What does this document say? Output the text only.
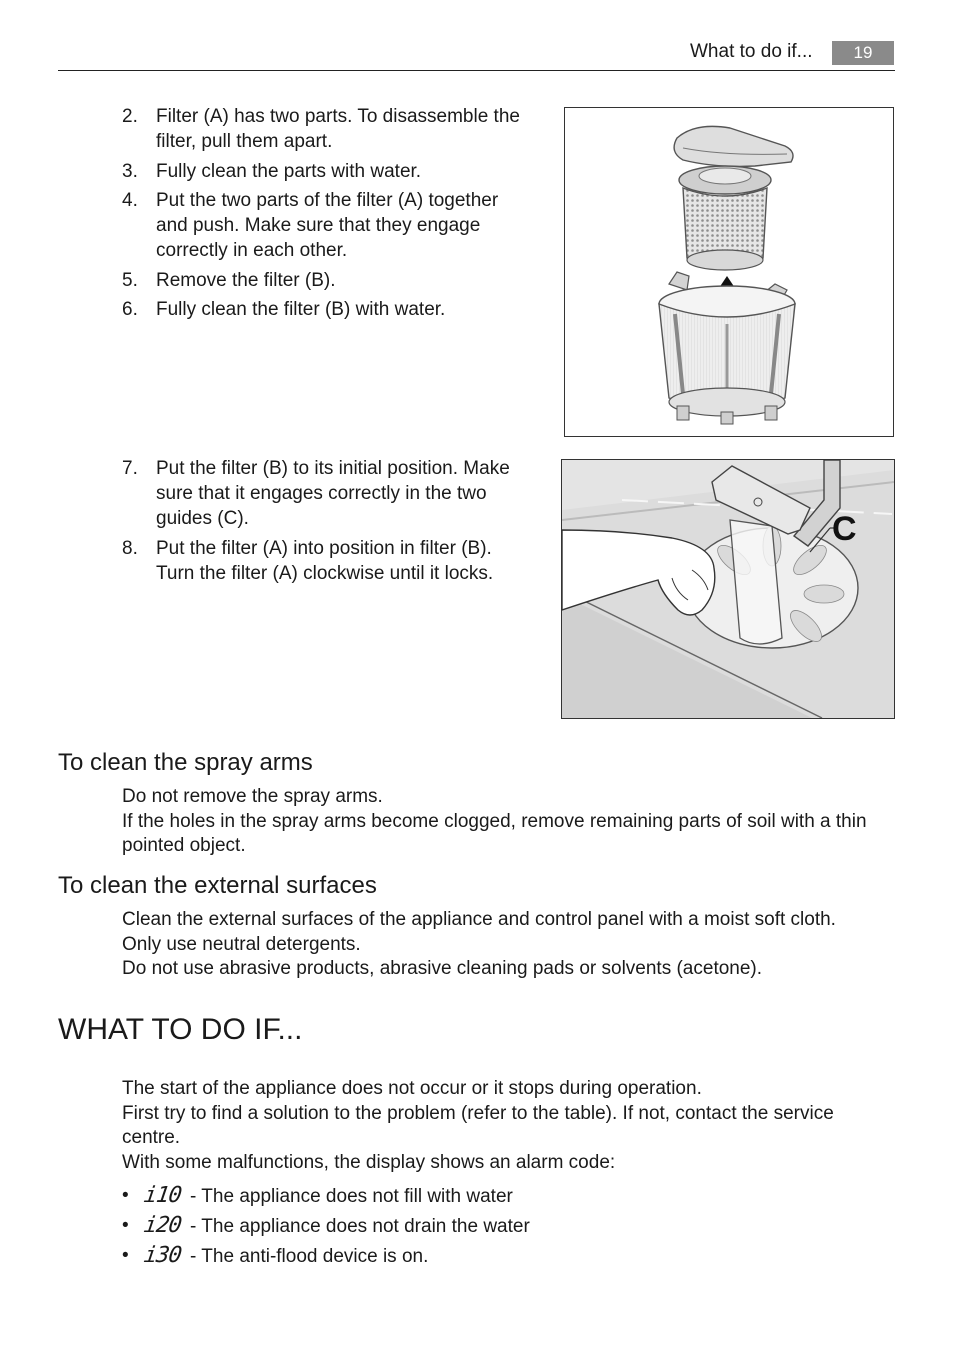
What to do if...	19
2. Filter (A) has two parts. To disassemble the filter, pull them apart.
3. Fully clean the parts with water.
4. Put the two parts of the filter (A) together and push. Make sure that they engage correctly in each other.
5. Remove the filter (B).
6. Fully clean the filter (B) with water.
7. Put the filter (B) to its initial position. Make sure that it engages correctly in the two guides (C).
8. Put the filter (A) into position in filter (B). Turn the filter (A) clockwise until it locks.
C
To clean the spray arms

Do not remove the spray arms.

If the holes in the spray arms become clogged, remove remaining parts of soil with a thin pointed object.

To clean the external surfaces

Clean the external surfaces of the appliance and control panel with a moist soft cloth.

Only use neutral detergents.

Do not use abrasive products, abrasive cleaning pads or solvents (acetone).

WHAT TO DO IF...

The start of the appliance does not occur or it stops during operation.

First try to find a solution to the problem (refer to the table). If not, contact the service centre.

With some malfunctions, the display shows an alarm code:

• i10 - The appliance does not fill with water
• i20 - The appliance does not drain the water
• i30 - The anti-flood device is on.
